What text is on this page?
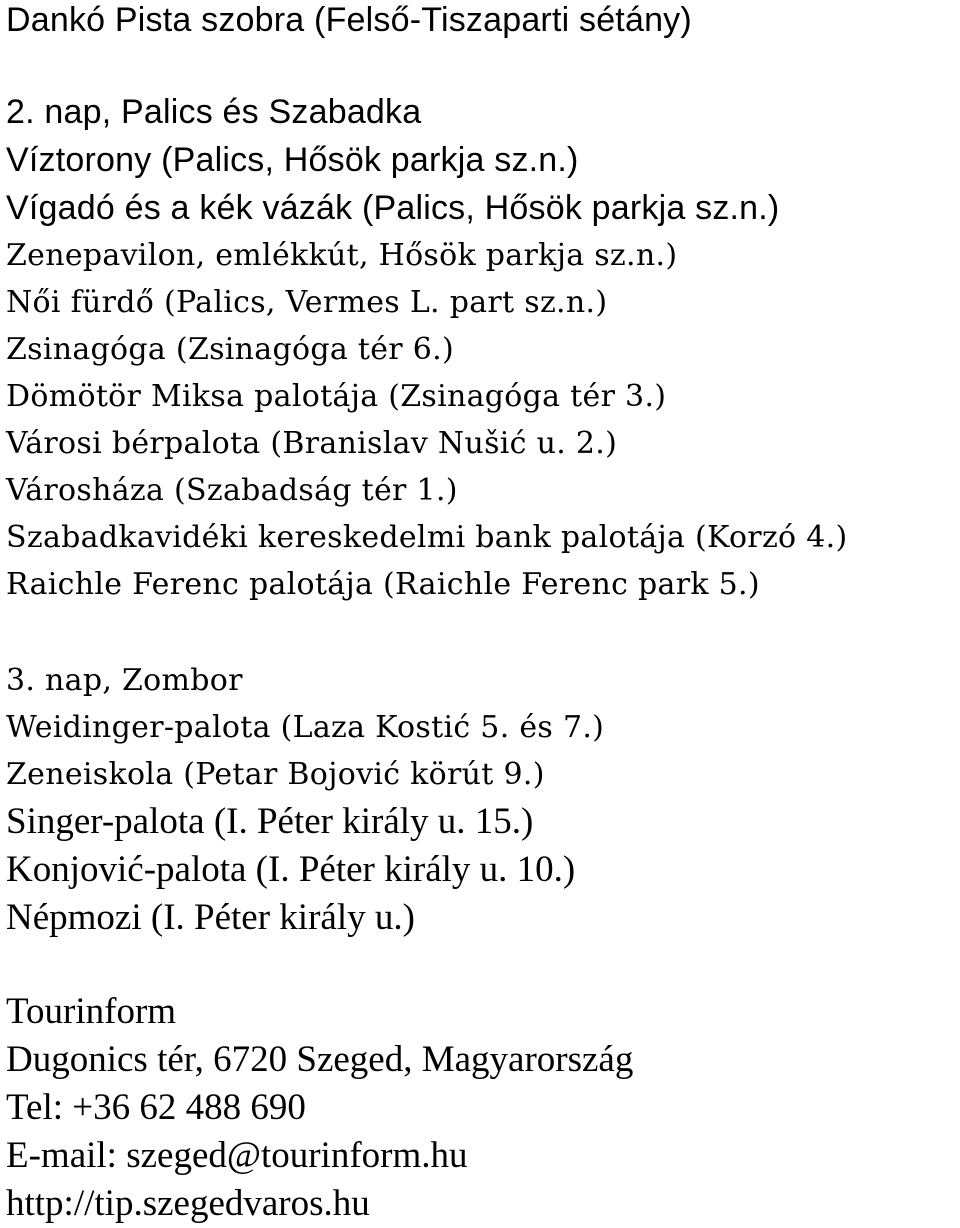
Dankó Pista szobra (Felső-Tiszaparti sétány)
2. nap, Palics és Szabadka
Víztorony (Palics, Hősök parkja sz.n.)
Vígadó és a kék vázák (Palics, Hősök parkja sz.n.)
Zenepavilon, emlékkút, Hősök parkja sz.n.)
Női fürdő (Palics, Vermes L. part sz.n.)
Zsinagóga (Zsinagóga tér 6.)
Dömötör Miksa palotája (Zsinagóga tér 3.)
Városi bérpalota (Branislav Nušić u. 2.)
Városháza (Szabadság tér 1.)
Szabadkavidéki kereskedelmi bank palotája (Korzó 4.)
Raichle Ferenc palotája (Raichle Ferenc park 5.)
3. nap, Zombor
Weidinger-palota (Laza Kostić 5. és 7.)
Zeneiskola (Petar Bojović körút 9.)
Singer-palota (I. Péter király u. 15.)
Konjović-palota (I. Péter király u. 10.)
Népmozi (I. Péter király u.)
Tourinform
Dugonics tér, 6720 Szeged, Magyarország
Tel: +36 62 488 690
E-mail: szeged@tourinform.hu
http://tip.szegedvaros.hu
